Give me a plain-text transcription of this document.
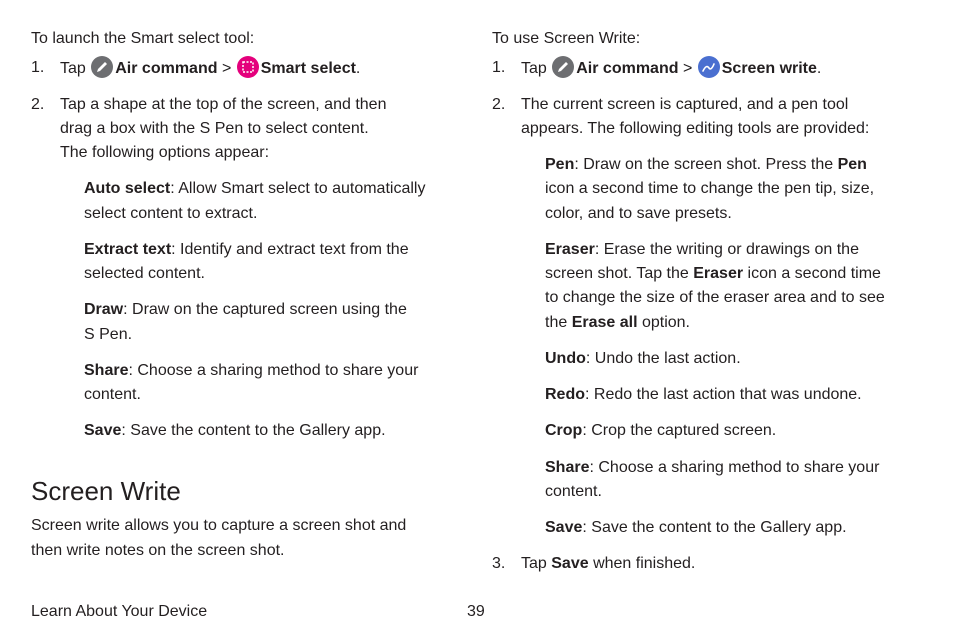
To launch the Smart select tool:

1. Tap Air command > Smart select.

2. Tap a shape at the top of the screen, and then

drag a box with the S Pen to select content.

The following options appear:

Auto select: Allow Smart select to automatically

select content to extract.

Extract text: Identify and extract text from the

selected content.

Draw: Draw on the captured screen using the

S Pen.

Share: Choose a sharing method to share your

content.

Save: Save the content to the Gallery app.

Screen Write

Screen write allows you to capture a screen shot and

then write notes on the screen shot.

Learn About Your Device	39

To use Screen Write:

1. Tap Air command > Screen write.

2. The current screen is captured, and a pen tool

appears. The following editing tools are provided:

Pen: Draw on the screen shot. Press the Pen

icon a second time to change the pen tip, size,

color, and to save presets.

Eraser: Erase the writing or drawings on the

screen shot. Tap the Eraser icon a second time

to change the size of the eraser area and to see

the Erase all option.

Undo: Undo the last action.

Redo: Redo the last action that was undone.

Crop: Crop the captured screen.

Share: Choose a sharing method to share your

content.

Save: Save the content to the Gallery app.

3. Tap Save when finished.
